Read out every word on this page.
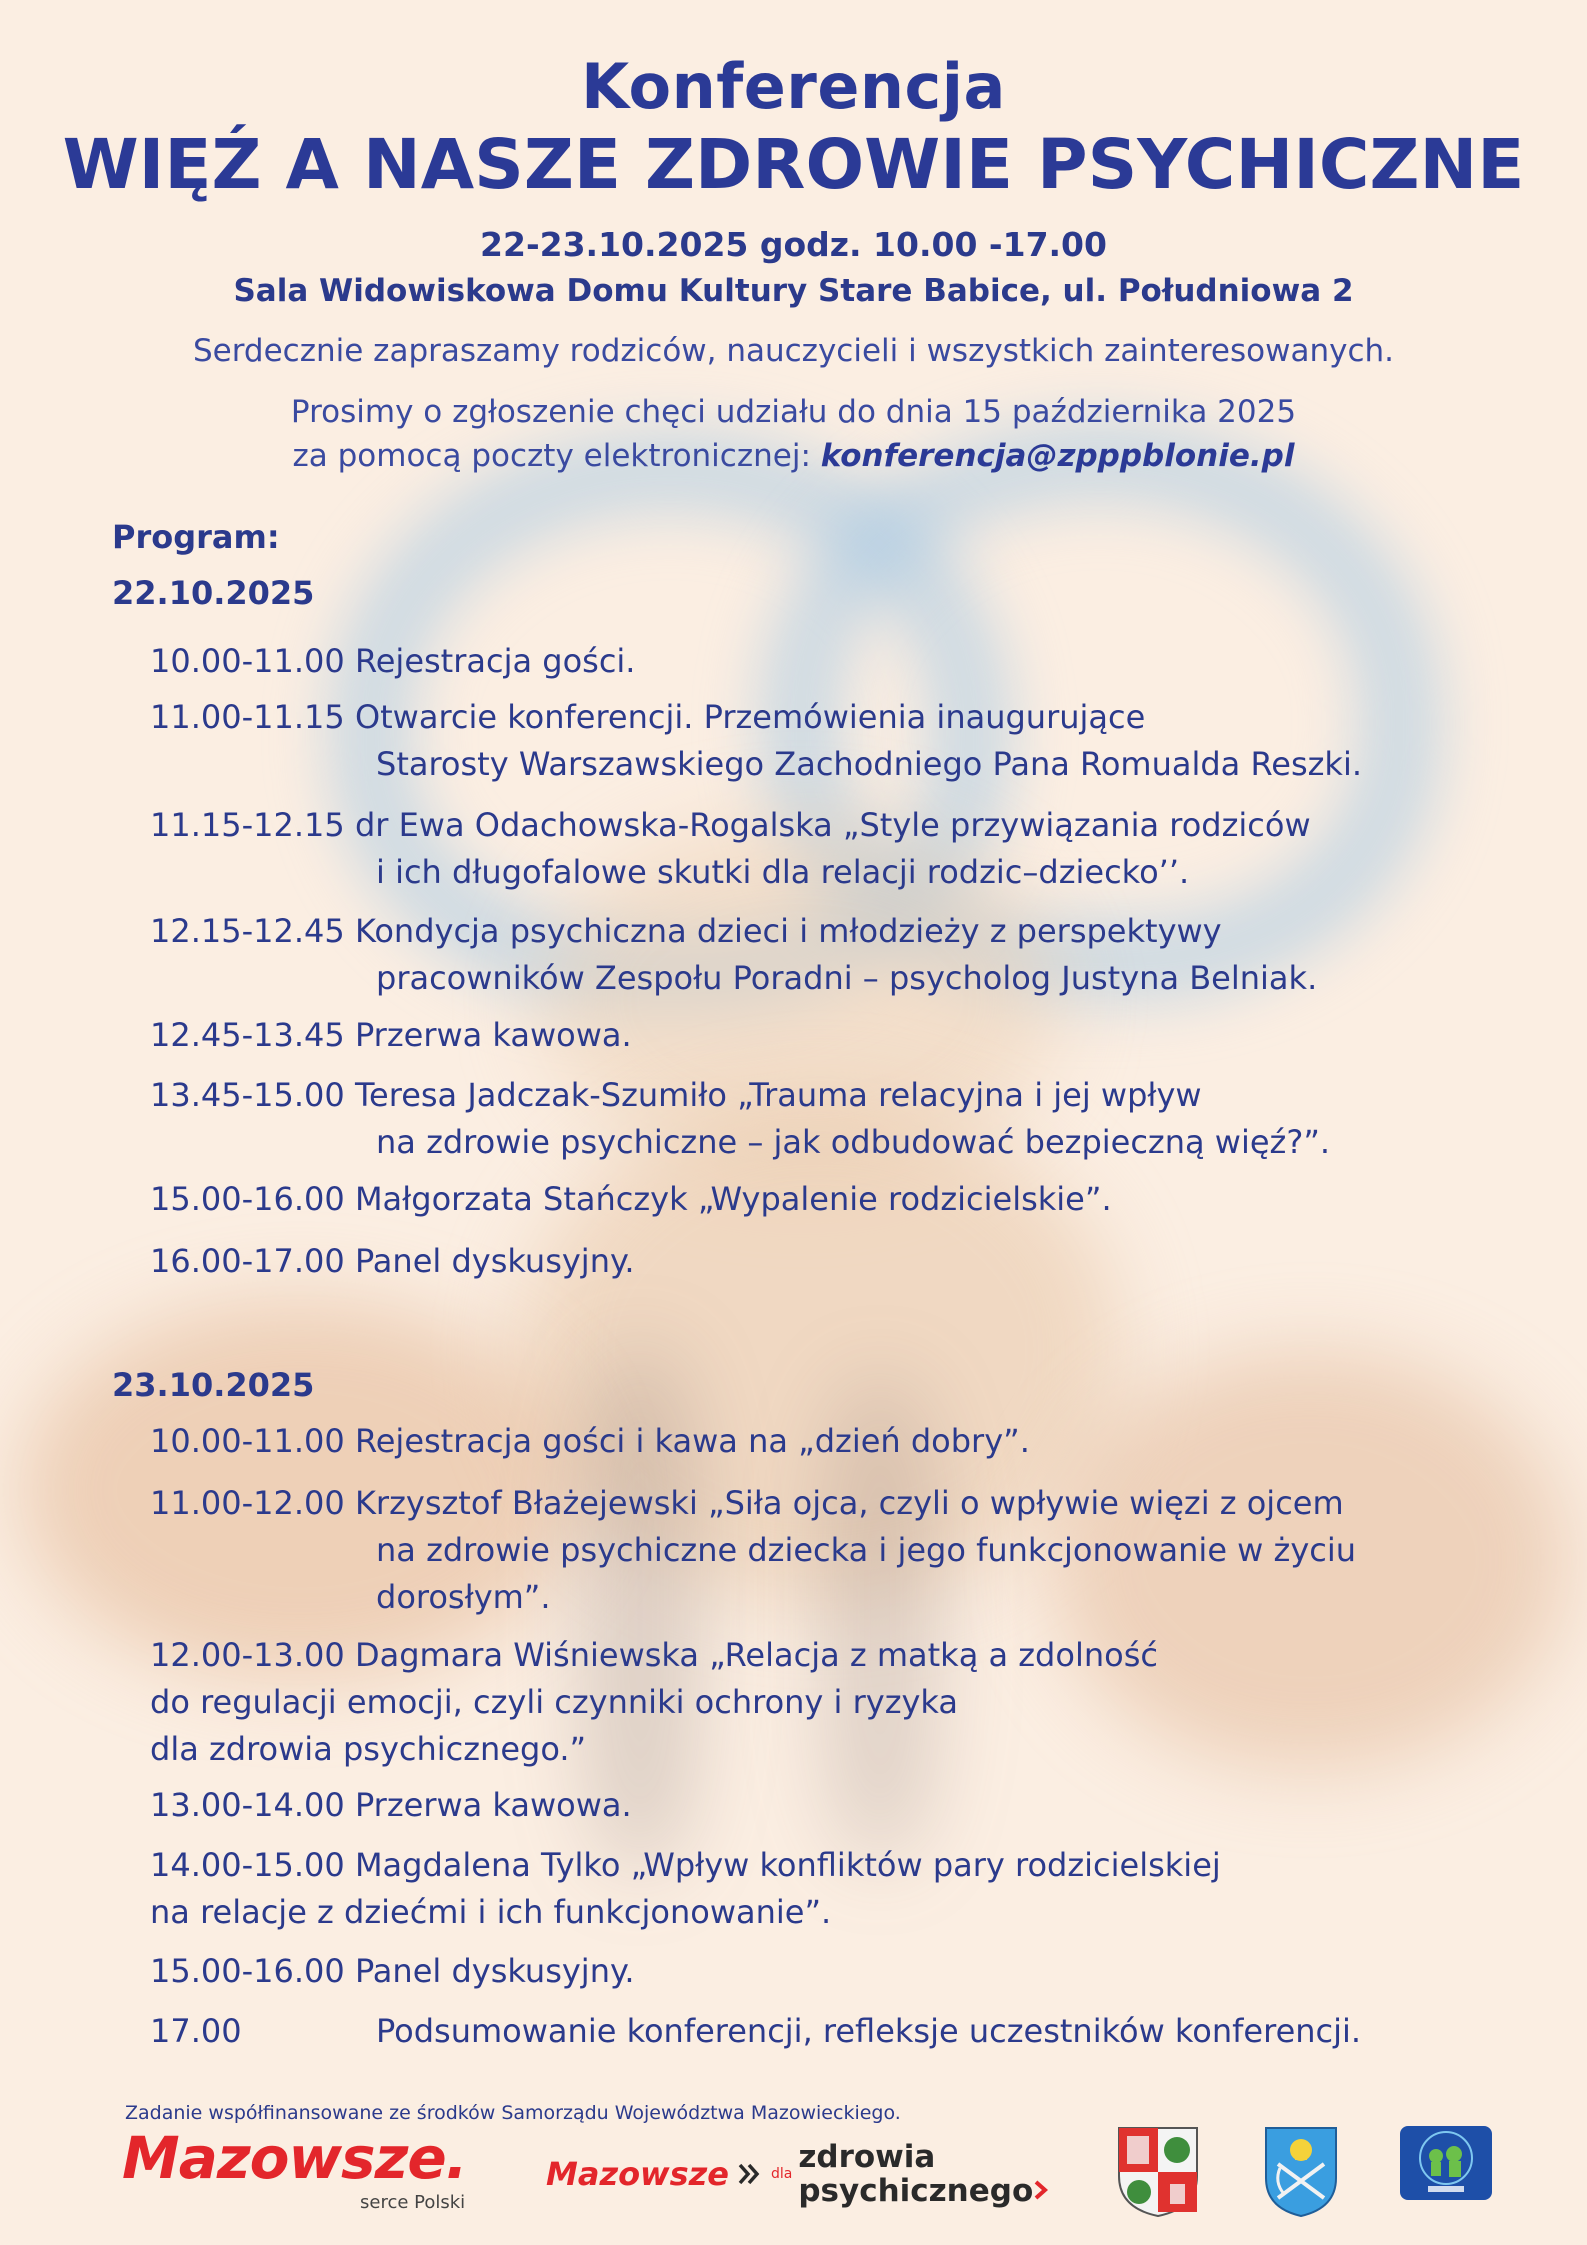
Konferencja
WIĘŹ A NASZE ZDROWIE PSYCHICZNE
22-23.10.2025 godz. 10.00 -17.00
Sala Widowiskowa Domu Kultury Stare Babice, ul. Południowa 2
Serdecznie zapraszamy rodziców, nauczycieli i wszystkich zainteresowanych.
Prosimy o zgłoszenie chęci udziału do dnia 15 października 2025
za pomocą poczty elektronicznej: konferencja@zpppblonie.pl
Program:
22.10.2025
10.00-11.00 Rejestracja gości.
11.00-11.15 Otwarcie konferencji. Przemówienia inaugurujące
Starosty Warszawskiego Zachodniego Pana Romualda Reszki.
11.15-12.15 dr Ewa Odachowska-Rogalska „Style przywiązania rodziców
i ich długofalowe skutki dla relacji rodzic–dziecko’’.
12.15-12.45 Kondycja psychiczna dzieci i młodzieży z perspektywy
pracowników Zespołu Poradni – psycholog Justyna Belniak.
12.45-13.45 Przerwa kawowa.
13.45-15.00 Teresa Jadczak-Szumiło „Trauma relacyjna i jej wpływ
na zdrowie psychiczne – jak odbudować bezpieczną więź?”.
15.00-16.00 Małgorzata Stańczyk „Wypalenie rodzicielskie”.
16.00-17.00 Panel dyskusyjny.
23.10.2025
10.00-11.00 Rejestracja gości i kawa na „dzień dobry”.
11.00-12.00 Krzysztof Błażejewski „Siła ojca, czyli o wpływie więzi z ojcem
na zdrowie psychiczne dziecka i jego funkcjonowanie w życiu
dorosłym”.
12.00-13.00 Dagmara Wiśniewska „Relacja z matką a zdolność
do regulacji emocji, czyli czynniki ochrony i ryzyka
dla zdrowia psychicznego.”
13.00-14.00 Przerwa kawowa.
14.00-15.00 Magdalena Tylko „Wpływ konfliktów pary rodzicielskiej
na relacje z dziećmi i ich funkcjonowanie”.
15.00-16.00 Panel dyskusyjny.
17.00	Podsumowanie konferencji, refleksje uczestników konferencji.
Zadanie współfinansowane ze środków Samorządu Województwa Mazowieckiego.
Mazowsze.
serce Polski
Mazowsze	dla zdrowia
psychicznego
